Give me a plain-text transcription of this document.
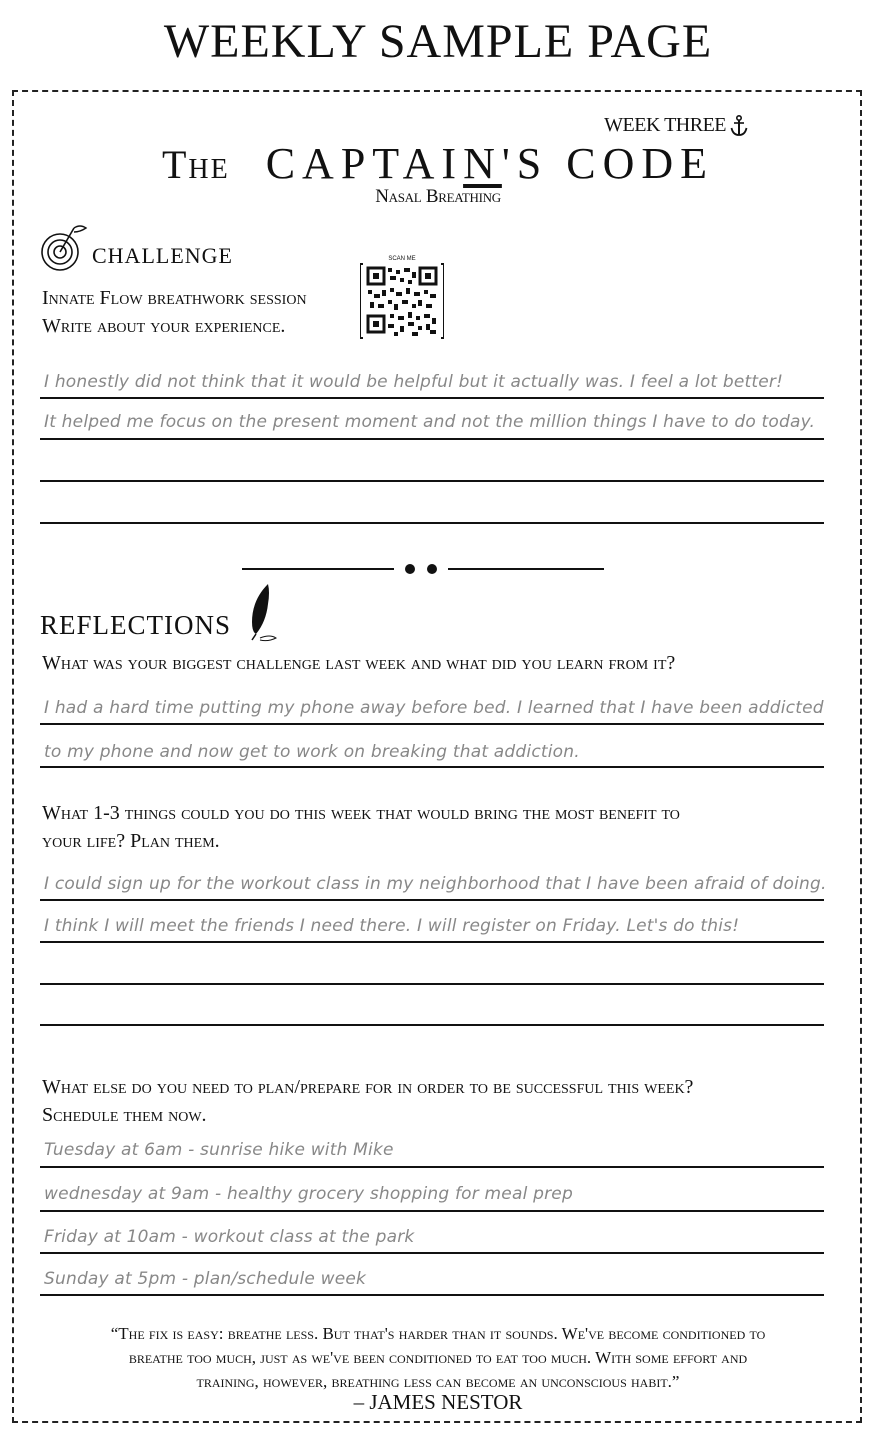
WEEKLY SAMPLE PAGE
WEEK THREE
The CAPTAIN'S CODE
Nasal Breathing
CHALLENGE
Innate Flow breathwork session
Write about your experience.
SCAN ME
I honestly did not think that it would be helpful but it actually was. I feel a lot better!
It helped me focus on the present moment and not the million things I have to do today.
REFLECTIONS
What was your biggest challenge last week and what did you learn from it?
I had a hard time putting my phone away before bed. I learned that I have been addicted
to my phone and now get to work on breaking that addiction.
What 1-3 things could you do this week that would bring the most benefit to
your life? Plan them.
I could sign up for the workout class in my neighborhood that I have been afraid of doing.
I think I will meet the friends I need there. I will register on Friday. Let's do this!
What else do you need to plan/prepare for in order to be successful this week?
Schedule them now.
Tuesday at 6am - sunrise hike with Mike
wednesday at 9am - healthy grocery shopping for meal prep
Friday at 10am - workout class at the park
Sunday at 5pm - plan/schedule week
“The fix is easy: breathe less. But that's harder than it sounds. We've become conditioned to
breathe too much, just as we've been conditioned to eat too much. With some effort and
training, however, breathing less can become an unconscious habit.”
– JAMES NESTOR
